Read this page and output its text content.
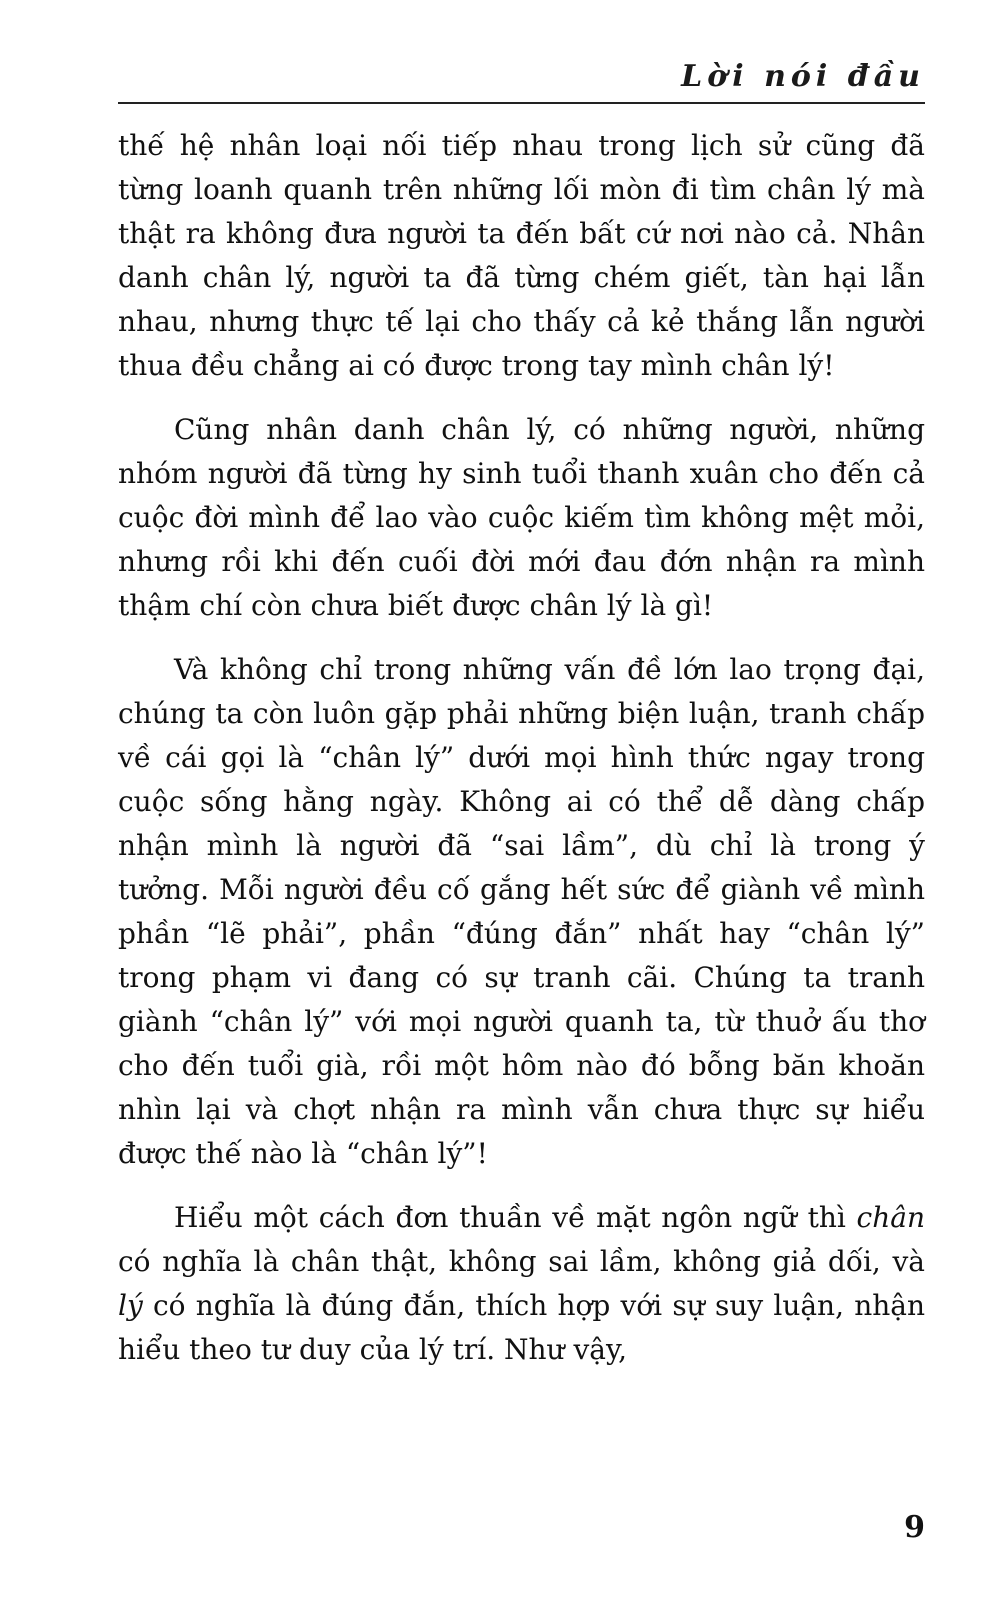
Lời nói đầu

thế hệ nhân loại nối tiếp nhau trong lịch sử cũng đã từng loanh quanh trên những lối mòn đi tìm chân lý mà thật ra không đưa người ta đến bất cứ nơi nào cả. Nhân danh chân lý, người ta đã từng chém giết, tàn hại lẫn nhau, nhưng thực tế lại cho thấy cả kẻ thắng lẫn người thua đều chẳng ai có được trong tay mình chân lý!

Cũng nhân danh chân lý, có những người, những nhóm người đã từng hy sinh tuổi thanh xuân cho đến cả cuộc đời mình để lao vào cuộc kiếm tìm không mệt mỏi, nhưng rồi khi đến cuối đời mới đau đớn nhận ra mình thậm chí còn chưa biết được chân lý là gì!

Và không chỉ trong những vấn đề lớn lao trọng đại, chúng ta còn luôn gặp phải những biện luận, tranh chấp về cái gọi là “chân lý” dưới mọi hình thức ngay trong cuộc sống hằng ngày. Không ai có thể dễ dàng chấp nhận mình là người đã “sai lầm”, dù chỉ là trong ý tưởng. Mỗi người đều cố gắng hết sức để giành về mình phần “lẽ phải”, phần “đúng đắn” nhất hay “chân lý” trong phạm vi đang có sự tranh cãi. Chúng ta tranh giành “chân lý” với mọi người quanh ta, từ thuở ấu thơ cho đến tuổi già, rồi một hôm nào đó bỗng băn khoăn nhìn lại và chợt nhận ra mình vẫn chưa thực sự hiểu được thế nào là “chân lý”!

Hiểu một cách đơn thuần về mặt ngôn ngữ thì chân có nghĩa là chân thật, không sai lầm, không giả dối, và lý có nghĩa là đúng đắn, thích hợp với sự suy luận, nhận hiểu theo tư duy của lý trí. Như vậy,

9
